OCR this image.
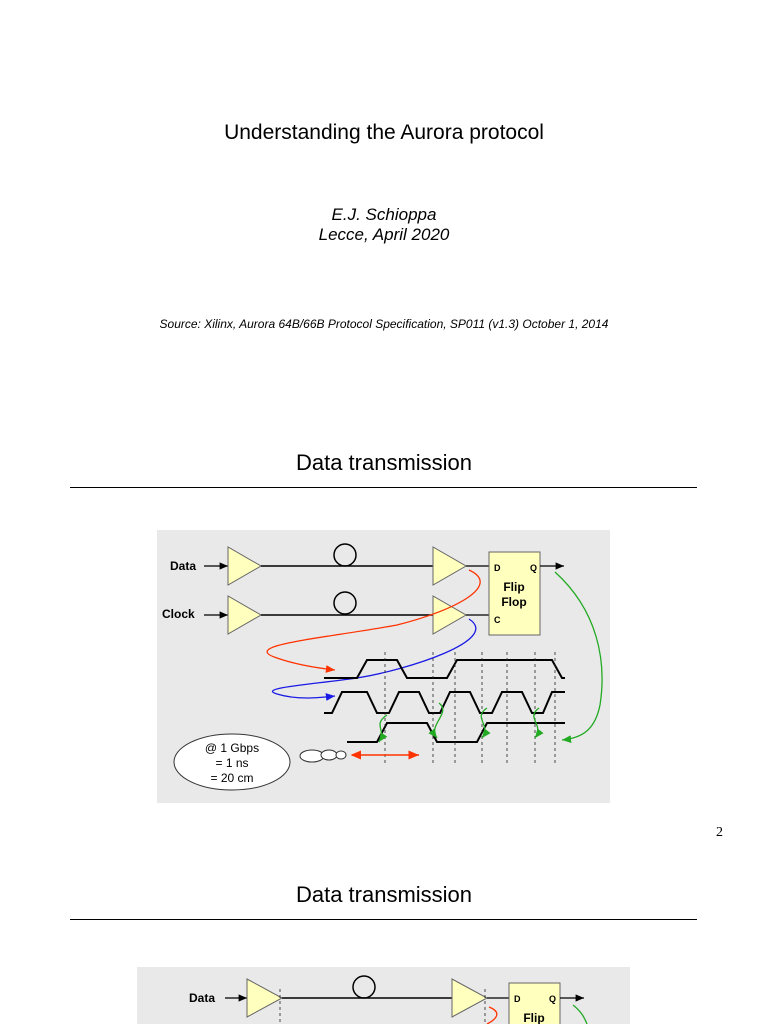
Understanding the Aurora protocol
E.J. Schioppa
Lecce, April 2020
Source: Xilinx, Aurora 64B/66B Protocol Specification, SP011 (v1.3) October 1, 2014
Data transmission
Data
Clock
D	Q
C
Flip
Flop
@ 1 Gbps
= 1 ns
= 20 cm
2
Data transmission
Data	D	Q
Flip
